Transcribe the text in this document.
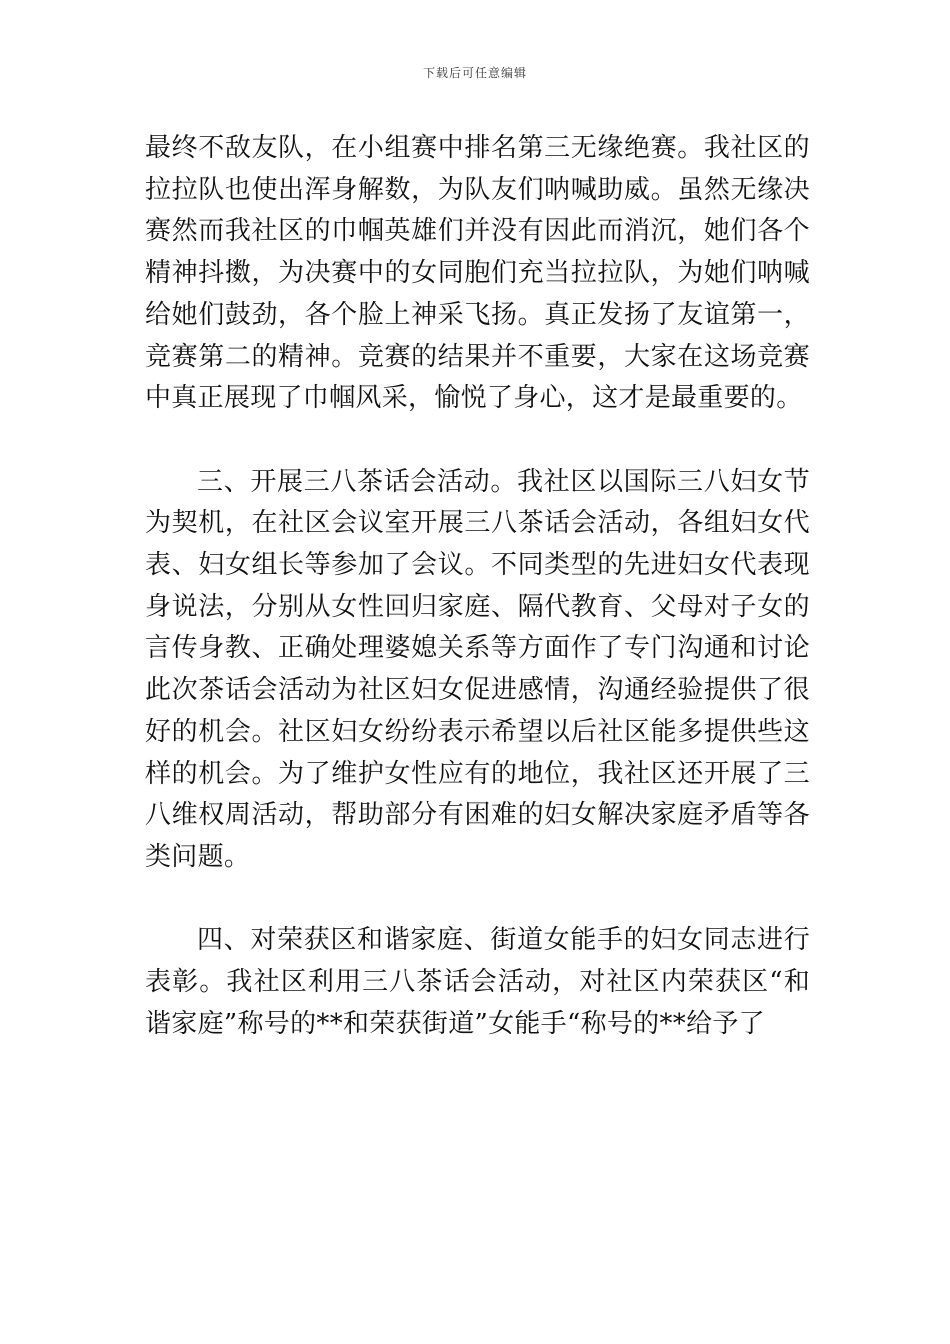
下载后可任意编辑

最终不敌友队，在小组赛中排名第三无缘绝赛。我社区的拉拉队也使出浑身解数，为队友们呐喊助威。虽然无缘决赛然而我社区的巾帼英雄们并没有因此而消沉，她们各个精神抖擞，为决赛中的女同胞们充当拉拉队，为她们呐喊给她们鼓劲，各个脸上神采飞扬。真正发扬了友谊第一，竞赛第二的精神。竞赛的结果并不重要，大家在这场竞赛中真正展现了巾帼风采，愉悦了身心，这才是最重要的。

三、开展三八茶话会活动。我社区以国际三八妇女节为契机，在社区会议室开展三八茶话会活动，各组妇女代表、妇女组长等参加了会议。不同类型的先进妇女代表现身说法，分别从女性回归家庭、隔代教育、父母对子女的言传身教、正确处理婆媳关系等方面作了专门沟通和讨论此次茶话会活动为社区妇女促进感情，沟通经验提供了很好的机会。社区妇女纷纷表示希望以后社区能多提供些这样的机会。为了维护女性应有的地位，我社区还开展了三八维权周活动，帮助部分有困难的妇女解决家庭矛盾等各类问题。

四、对荣获区和谐家庭、街道女能手的妇女同志进行表彰。我社区利用三八茶话会活动，对社区内荣获区“和谐家庭”称号的**和荣获街道”女能手“称号的**给予了
